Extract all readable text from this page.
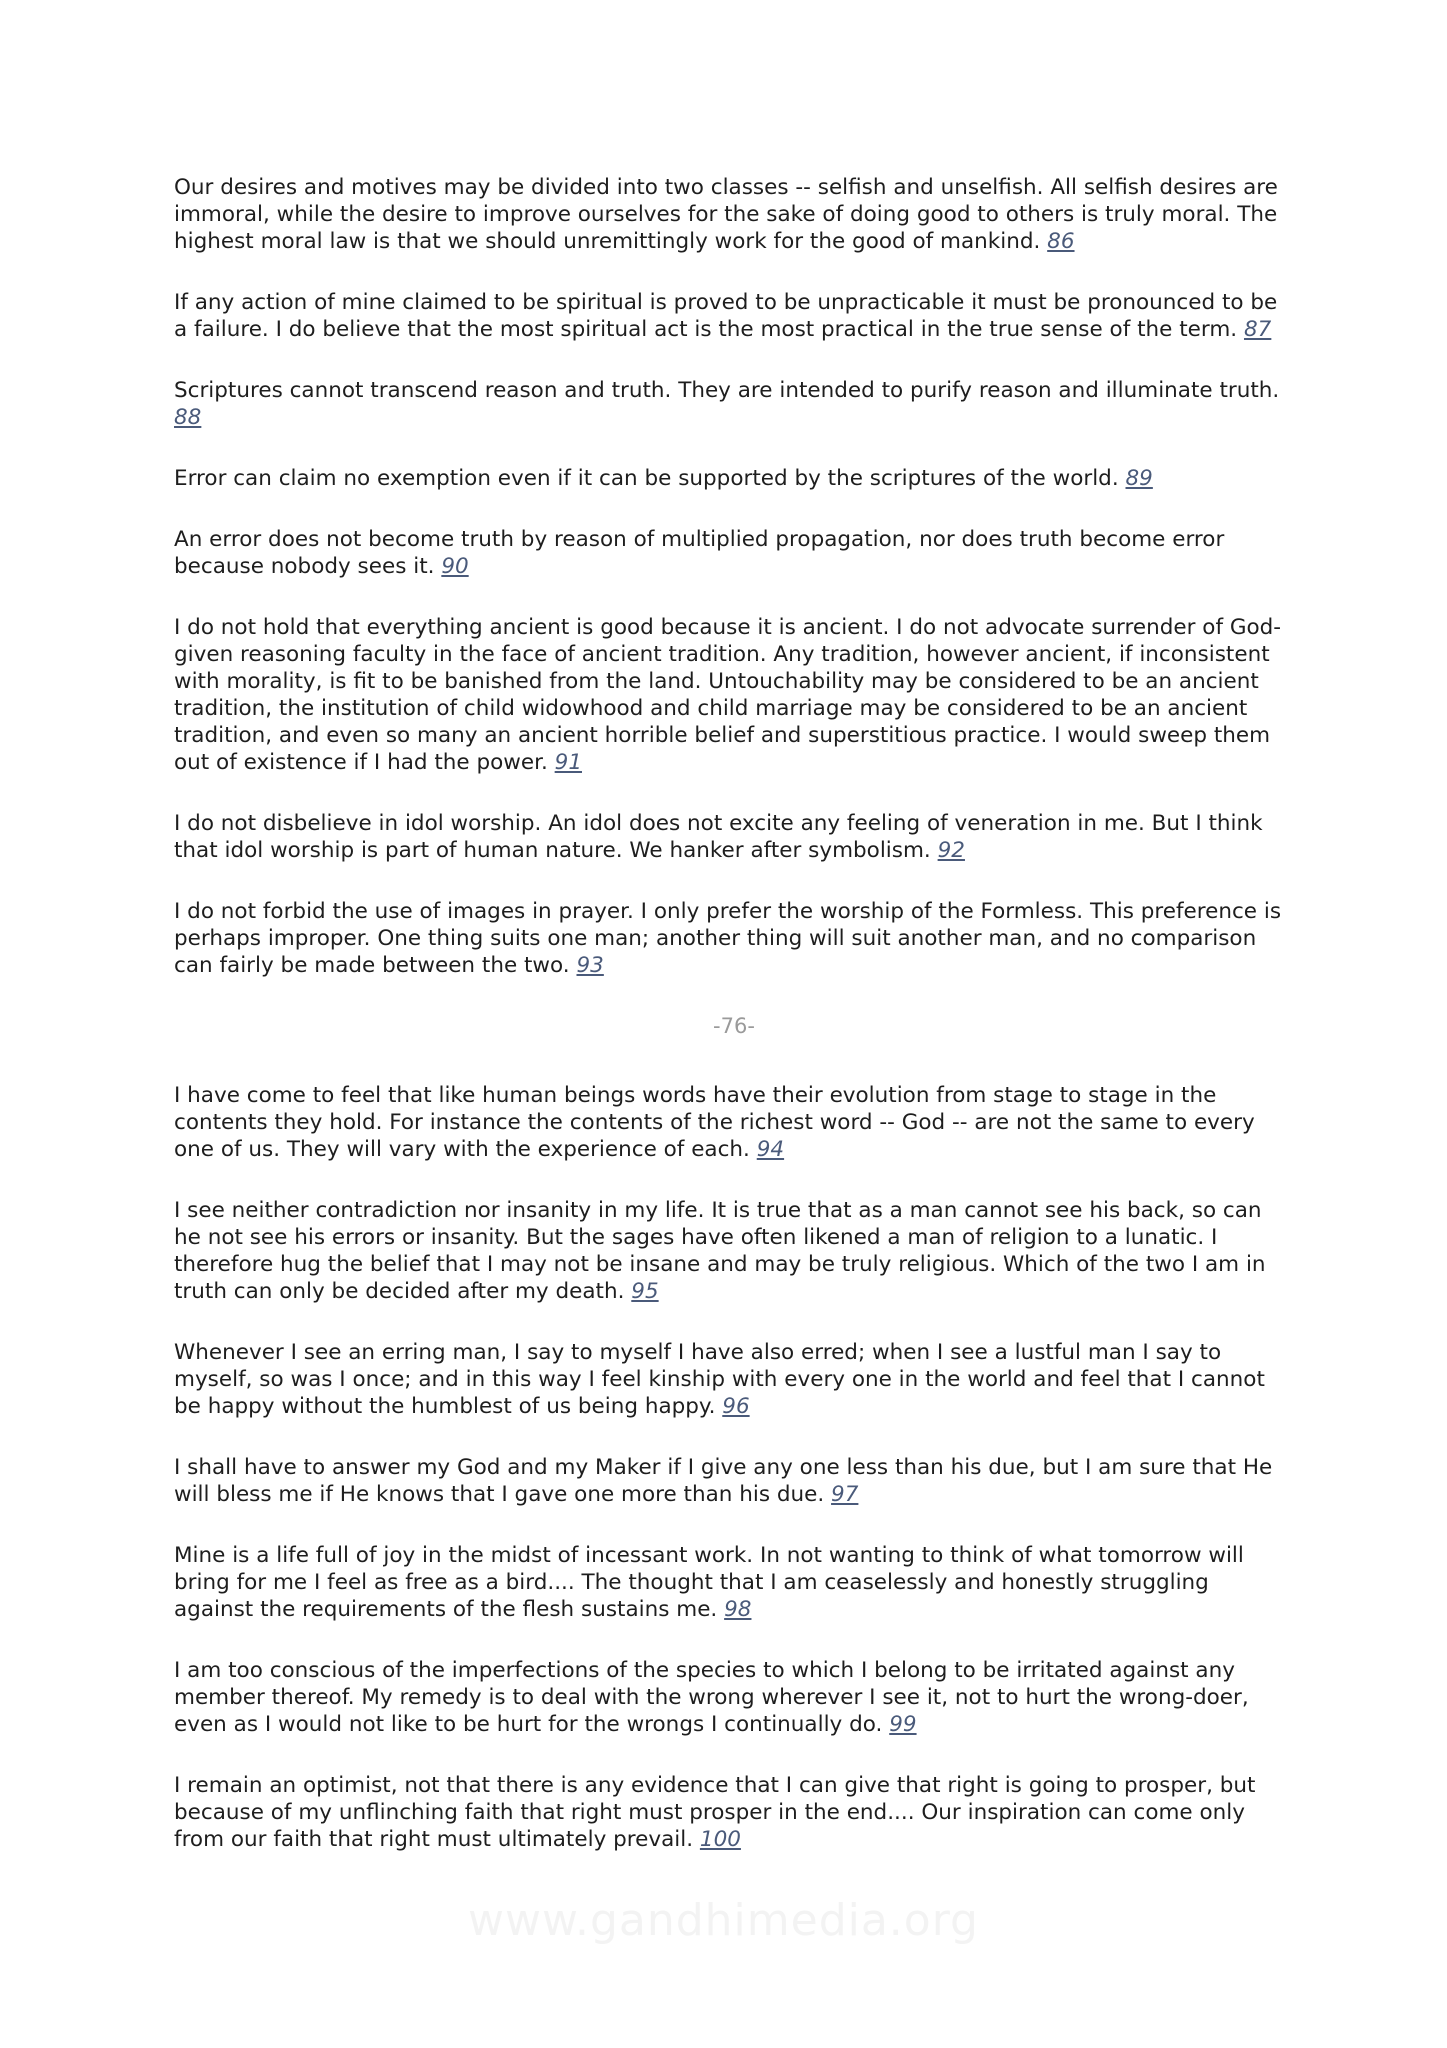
Our desires and motives may be divided into two classes -- selfish and unselfish. All selfish desires are immoral, while the desire to improve ourselves for the sake of doing good to others is truly moral. The highest moral law is that we should unremittingly work for the good of mankind. 86

If any action of mine claimed to be spiritual is proved to be unpracticable it must be pronounced to be a failure. I do believe that the most spiritual act is the most practical in the true sense of the term. 87

Scriptures cannot transcend reason and truth. They are intended to purify reason and illuminate truth. 88

Error can claim no exemption even if it can be supported by the scriptures of the world. 89

An error does not become truth by reason of multiplied propagation, nor does truth become error because nobody sees it. 90

I do not hold that everything ancient is good because it is ancient. I do not advocate surrender of God-given reasoning faculty in the face of ancient tradition. Any tradition, however ancient, if inconsistent with morality, is fit to be banished from the land. Untouchability may be considered to be an ancient tradition, the institution of child widowhood and child marriage may be considered to be an ancient tradition, and even so many an ancient horrible belief and superstitious practice. I would sweep them out of existence if I had the power. 91

I do not disbelieve in idol worship. An idol does not excite any feeling of veneration in me. But I think that idol worship is part of human nature. We hanker after symbolism. 92

I do not forbid the use of images in prayer. I only prefer the worship of the Formless. This preference is perhaps improper. One thing suits one man; another thing will suit another man, and no comparison can fairly be made between the two. 93

-76-

I have come to feel that like human beings words have their evolution from stage to stage in the contents they hold. For instance the contents of the richest word -- God -- are not the same to every one of us. They will vary with the experience of each. 94

I see neither contradiction nor insanity in my life. It is true that as a man cannot see his back, so can he not see his errors or insanity. But the sages have often likened a man of religion to a lunatic. I therefore hug the belief that I may not be insane and may be truly religious. Which of the two I am in truth can only be decided after my death. 95

Whenever I see an erring man, I say to myself I have also erred; when I see a lustful man I say to myself, so was I once; and in this way I feel kinship with every one in the world and feel that I cannot be happy without the humblest of us being happy. 96

I shall have to answer my God and my Maker if I give any one less than his due, but I am sure that He will bless me if He knows that I gave one more than his due. 97

Mine is a life full of joy in the midst of incessant work. In not wanting to think of what tomorrow will bring for me I feel as free as a bird.... The thought that I am ceaselessly and honestly struggling against the requirements of the flesh sustains me. 98

I am too conscious of the imperfections of the species to which I belong to be irritated against any member thereof. My remedy is to deal with the wrong wherever I see it, not to hurt the wrong-doer, even as I would not like to be hurt for the wrongs I continually do. 99

I remain an optimist, not that there is any evidence that I can give that right is going to prosper, but because of my unflinching faith that right must prosper in the end.... Our inspiration can come only from our faith that right must ultimately prevail. 100

www.gandhimedia.org
